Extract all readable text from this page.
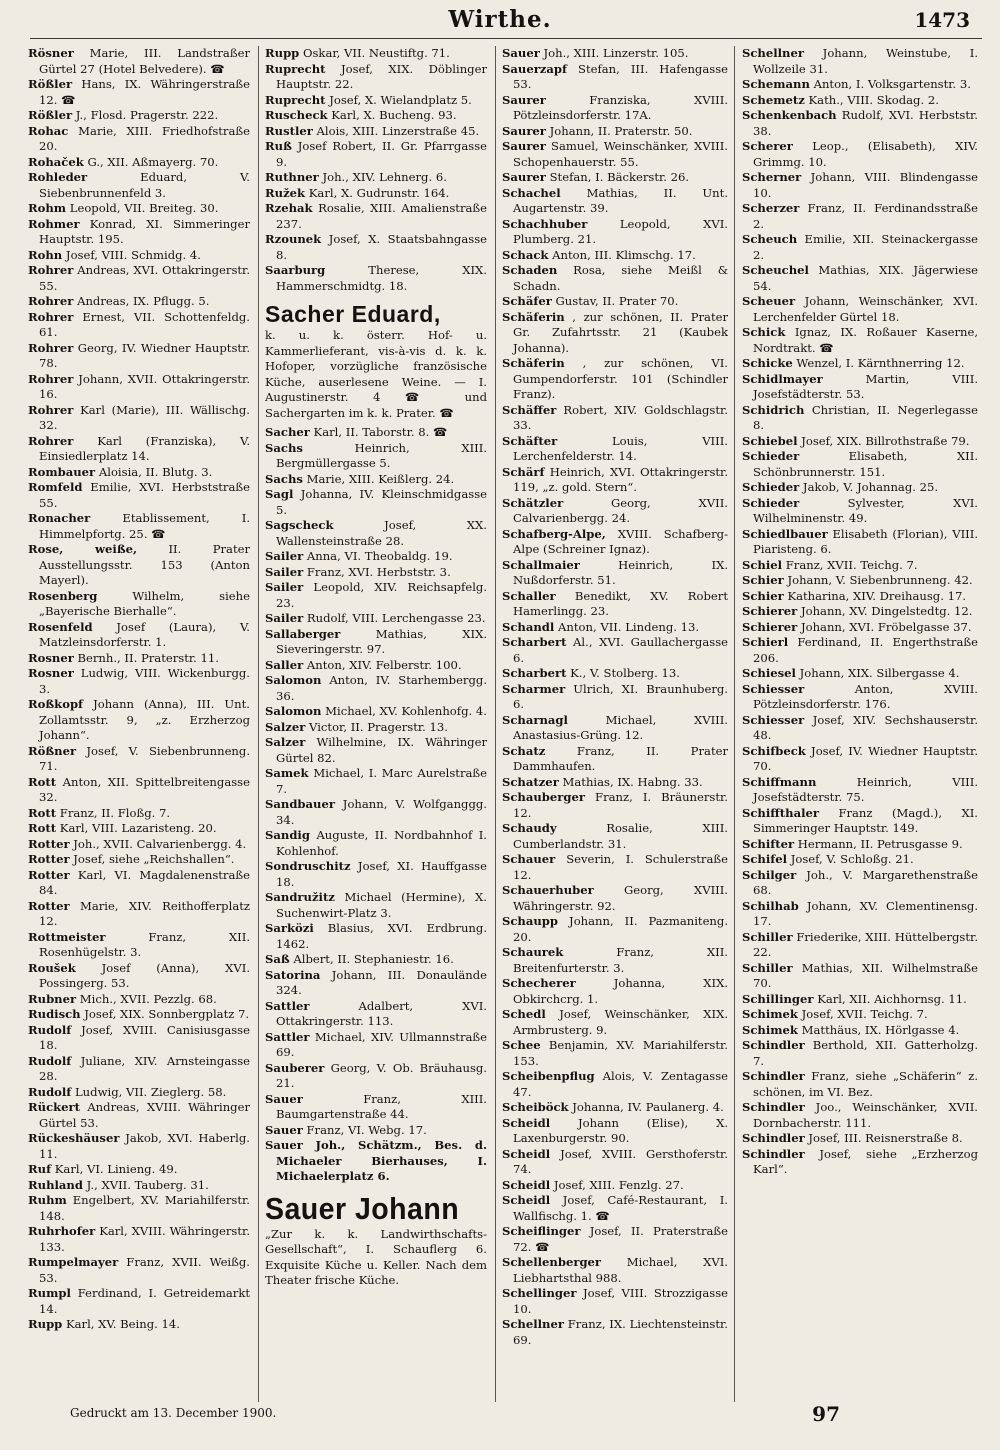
Wirthe.	1473
Rösner Marie, III. Landstraßer Gürtel 27 (Hotel Belvedere). ☎
Rößler Hans, IX. Währingerstraße 12. ☎
Rößler J., Flosd. Pragerstr. 222.
Rohac Marie, XIII. Friedhofstraße 20.
Rohaček G., XII. Aßmayerg. 70.
Rohleder	Eduard, V. Siebenbrunnenfeld 3.
Rohm Leopold, VII. Breiteg. 30.
Rohmer Konrad, XI. Simmeringer Hauptstr. 195.
Rohn Josef, VIII. Schmidg. 4.
Rohrer Andreas, XVI. Ottakringerstr. 55.
Rohrer Andreas, IX. Pflugg. 5.
Rohrer Ernest, VII. Schottenfeldg. 61.
Rohrer Georg, IV. Wiedner Hauptstr. 78.
Rohrer Johann, XVII. Ottakringerstr. 16.
Rohrer Karl (Marie), III. Wällischg. 32.
Rohrer Karl (Franziska), V. Einsiedlerplatz 14.
Rombauer Aloisia, II. Blutg. 3.
Romfeld Emilie, XVI. Herbststraße 55.
Ronacher	Etablissement, I. Himmelpfortg. 25. ☎
Rose, weiße,	II. Prater Ausstellungsstr. 153 (Anton Mayerl).
Rosenberg	Wilhelm, siehe „Bayerische Bierhalle“.
Rosenfeld Josef (Laura), V. Matzleinsdorferstr. 1.
Rosner Bernh., II. Praterstr. 11.
Rosner Ludwig, VIII. Wickenburgg. 3.
Roßkopf Johann (Anna), III. Unt. Zollamtsstr. 9, „z. Erzherzog Johann“.
Rößner Josef, V. Siebenbrunneng. 71.
Rott Anton, XII. Spittelbreitengasse 32.
Rott Franz, II. Floßg. 7.
Rott Karl, VIII. Lazaristeng. 20.
Rotter Joh., XVII. Calvarienbergg. 4.
Rotter Josef, siehe „Reichshallen“.
Rotter Karl, VI. Magdalenenstraße 84.
Rotter Marie, XIV. Reithofferplatz 12.
Rottmeister	Franz, XII. Rosenhügelstr. 3.
Roušek Josef (Anna), XVI. Possingerg. 53.
Rubner Mich., XVII. Pezzlg. 68.
Rudisch Josef, XIX. Sonnbergplatz 7.
Rudolf Josef, XVIII. Canisiusgasse 18.
Rudolf Juliane, XIV. Arnsteingasse 28.
Rudolf Ludwig, VII. Zieglerg. 58.
Rückert Andreas, XVIII. Währinger Gürtel 53.
Rückeshäuser Jakob, XVI. Haberlg. 11.
Ruf Karl, VI. Linieng. 49.
Ruhland J., XVII. Tauberg. 31.
Ruhm Engelbert, XV. Mariahilferstr. 148.
Ruhrhofer Karl, XVIII. Währingerstr. 133.
Rumpelmayer Franz, XVII. Weißg. 53.
Rumpl Ferdinand, I. Getreidemarkt 14.
Rupp Karl, XV. Being. 14.
Rupp Oskar, VII. Neustiftg. 71.
Ruprecht Josef, XIX. Döblinger Hauptstr. 22.
Ruprecht Josef, X. Wielandplatz 5.
Ruscheck Karl, X. Bucheng. 93.
Rustler Alois, XIII. Linzerstraße 45.
Ruß Josef Robert, II. Gr. Pfarrgasse 9.
Ruthner Joh., XIV. Lehnerg. 6.
Ružek Karl, X. Gudrunstr. 164.
Rzehak Rosalie, XIII. Amalienstraße 237.
Rzounek Josef, X. Staatsbahngasse 8.
Saarburg	Therese, XIX. Hammerschmidtg. 18.
Sacher Eduard,
k. u. k. österr. Hof- u. Kammerlieferant, vis-à-vis d. k. k. Hofoper, vorzügliche französische Küche, auserlesene Weine. — I. Augustinerstr. 4 ☎ und Sachergarten im k. k. Prater. ☎
Sacher Karl, II. Taborstr. 8. ☎
Sachs	Heinrich, XIII. Bergmüllergasse 5.
Sachs Marie, XIII. Keißlerg. 24.
Sagl Johanna, IV. Kleinschmidgasse 5.
Sagscheck	Josef, XX. Wallensteinstraße 28.
Sailer Anna, VI. Theobaldg. 19.
Sailer Franz, XVI. Herbststr. 3.
Sailer Leopold, XIV. Reichsapfelg. 23.
Sailer Rudolf, VIII. Lerchengasse 23.
Sallaberger	Mathias, XIX. Sieveringerstr. 97.
Saller Anton, XIV. Felberstr. 100.
Salomon Anton, IV. Starhembergg. 36.
Salomon Michael, XV. Kohlenhofg. 4.
Salzer Victor, II. Pragerstr. 13.
Salzer Wilhelmine, IX. Währinger Gürtel 82.
Samek Michael, I. Marc Aurelstraße 7.
Sandbauer Johann, V. Wolfganggg. 34.
Sandig Auguste, II. Nordbahnhof I. Kohlenhof.
Sondruschitz Josef, XI. Hauffgasse 18.
Sandružitz Michael (Hermine), X. Suchenwirt-Platz 3.
Sarközi Blasius, XVI. Erdbrung. 1462.
Saß Albert, II. Stephaniestr. 16.
Satorina Johann, III. Donaulände 324.
Sattler	Adalbert, XVI. Ottakringerstr. 113.
Sattler Michael, XIV. Ullmannstraße 69.
Sauberer Georg, V. Ob. Bräuhausg. 21.
Sauer	Franz, XIII. Baumgartenstraße 44.
Sauer Franz, VI. Webg. 17.
Sauer Joh., Schätzm., Bes. d. Michaeler Bierhauses, I. Michaelerplatz 6.
Sauer Johann
„Zur k. k. Landwirthschafts-Gesellschaft“, I. Schauflerg 6. Exquisite Küche u. Keller. Nach dem Theater frische Küche.
Sauer Joh., XIII. Linzerstr. 105.
Sauerzapf Stefan, III. Hafengasse 53.
Saurer	Franziska, XVIII. Pötzleinsdorferstr. 17A.
Saurer Johann, II. Praterstr. 50.
Saurer Samuel, Weinschänker, XVIII. Schopenhauerstr. 55.
Saurer Stefan, I. Bäckerstr. 26.
Schachel Mathias, II. Unt. Augartenstr. 39.
Schachhuber	Leopold, XVI. Plumberg. 21.
Schack Anton, III. Klimschg. 17.
Schaden Rosa, siehe Meißl & Schadn.
Schäfer Gustav, II. Prater 70.
Schäferin , zur schönen, II. Prater Gr. Zufahrtsstr. 21 (Kaubek Johanna).
Schäferin , zur schönen, VI. Gumpendorferstr. 101 (Schindler Franz).
Schäffer Robert, XIV. Goldschlagstr. 33.
Schäfter	Louis, VIII. Lerchenfelderstr. 14.
Schärf Heinrich, XVI. Ottakringerstr. 119, „z. gold. Stern“.
Schätzler	Georg, XVII. Calvarienbergg. 24.
Schafberg-Alpe, XVIII. Schafberg-Alpe (Schreiner Ignaz).
Schallmaier	Heinrich, IX. Nußdorferstr. 51.
Schaller Benedikt, XV. Robert Hamerlingg. 23.
Schandl Anton, VII. Lindeng. 13.
Scharbert Al., XVI. Gaullachergasse 6.
Scharbert K., V. Stolberg. 13.
Scharmer Ulrich, XI. Braunhuberg. 6.
Scharnagl	Michael, XVIII. Anastasius-Grüng. 12.
Schatz	Franz, II. Prater Dammhaufen.
Schatzer Mathias, IX. Habng. 33.
Schauberger Franz, I. Bräunerstr. 12.
Schaudy	Rosalie, XIII. Cumberlandstr. 31.
Schauer Severin, I. Schulerstraße 12.
Schauerhuber	Georg, XVIII. Währingerstr. 92.
Schaupp Johann, II. Pazmaniteng. 20.
Schaurek	Franz, XII. Breitenfurterstr. 3.
Schecherer	Johanna, XIX. Obkirchcrg. 1.
Schedl Josef, Weinschänker, XIX. Armbrusterg. 9.
Schee Benjamin, XV. Mariahilferstr. 153.
Scheibenpflug Alois, V. Zentagasse 47.
Scheiböck Johanna, IV. Paulanerg. 4.
Scheidl Johann (Elise), X. Laxenburgerstr. 90.
Scheidl Josef, XVIII. Gersthoferstr. 74.
Scheidl Josef, XIII. Fenzlg. 27.
Scheidl Josef, Café-Restaurant, I. Wallfischg. 1. ☎
Scheiflinger Josef, II. Praterstraße 72. ☎
Schellenberger Michael, XVI. Liebhartsthal 988.
Schellinger Josef, VIII. Strozzigasse 10.
Schellner Franz, IX. Liechtensteinstr. 69.
Schellner Johann, Weinstube, I. Wollzeile 31.
Schemann Anton, I. Volksgartenstr. 3.
Schemetz Kath., VIII. Skodag. 2.
Schenkenbach Rudolf, XVI. Herbststr. 38.
Scherer Leop., (Elisabeth), XIV. Grimmg. 10.
Scherner Johann, VIII. Blindengasse 10.
Scherzer Franz, II. Ferdinandsstraße 2.
Scheuch Emilie, XII. Steinackergasse 2.
Scheuchel Mathias, XIX. Jägerwiese 54.
Scheuer Johann, Weinschänker, XVI. Lerchenfelder Gürtel 18.
Schick Ignaz, IX. Roßauer Kaserne, Nordtrakt. ☎
Schicke Wenzel, I. Kärnthnerring 12.
Schidlmayer	Martin, VIII. Josefstädterstr. 53.
Schidrich Christian, II. Negerlegasse 8.
Schiebel Josef, XIX. Billrothstraße 79.
Schieder	Elisabeth, XII. Schönbrunnerstr. 151.
Schieder Jakob, V. Johannag. 25.
Schieder	Sylvester, XVI. Wilhelminenstr. 49.
Schiedlbauer Elisabeth (Florian), VIII. Piaristeng. 6.
Schiel Franz, XVII. Teichg. 7.
Schier Johann, V. Siebenbrunneng. 42.
Schier Katharina, XIV. Dreihausg. 17.
Schierer Johann, XV. Dingelstedtg. 12.
Schierer Johann, XVI. Fröbelgasse 37.
Schierl Ferdinand, II. Engerthstraße 206.
Schiesel Johann, XIX. Silbergasse 4.
Schiesser	Anton, XVIII. Pötzleinsdorferstr. 176.
Schiesser Josef, XIV. Sechshauserstr. 48.
Schifbeck Josef, IV. Wiedner Hauptstr. 70.
Schiffmann	Heinrich, VIII. Josefstädterstr. 75.
Schiffthaler Franz (Magd.), XI. Simmeringer Hauptstr. 149.
Schifter Hermann, II. Petrusgasse 9.
Schifel Josef, V. Schloßg. 21.
Schilger Joh., V. Margarethenstraße 68.
Schilhab Johann, XV. Clementinensg. 17.
Schiller Friederike, XIII. Hüttelbergstr. 22.
Schiller Mathias, XII. Wilhelmstraße 70.
Schillinger Karl, XII. Aichhornsg. 11.
Schimek Josef, XVII. Teichg. 7.
Schimek Matthäus, IX. Hörlgasse 4.
Schindler Berthold, XII. Gatterholzg. 7.
Schindler Franz, siehe „Schäferin“ z. schönen, im VI. Bez.
Schindler Joo., Weinschänker, XVII. Dornbacherstr. 111.
Schindler Josef, III. Reisnerstraße 8.
Schindler Josef, siehe „Erzherzog Karl“.
Gedruckt am 13. December 1900.	97
